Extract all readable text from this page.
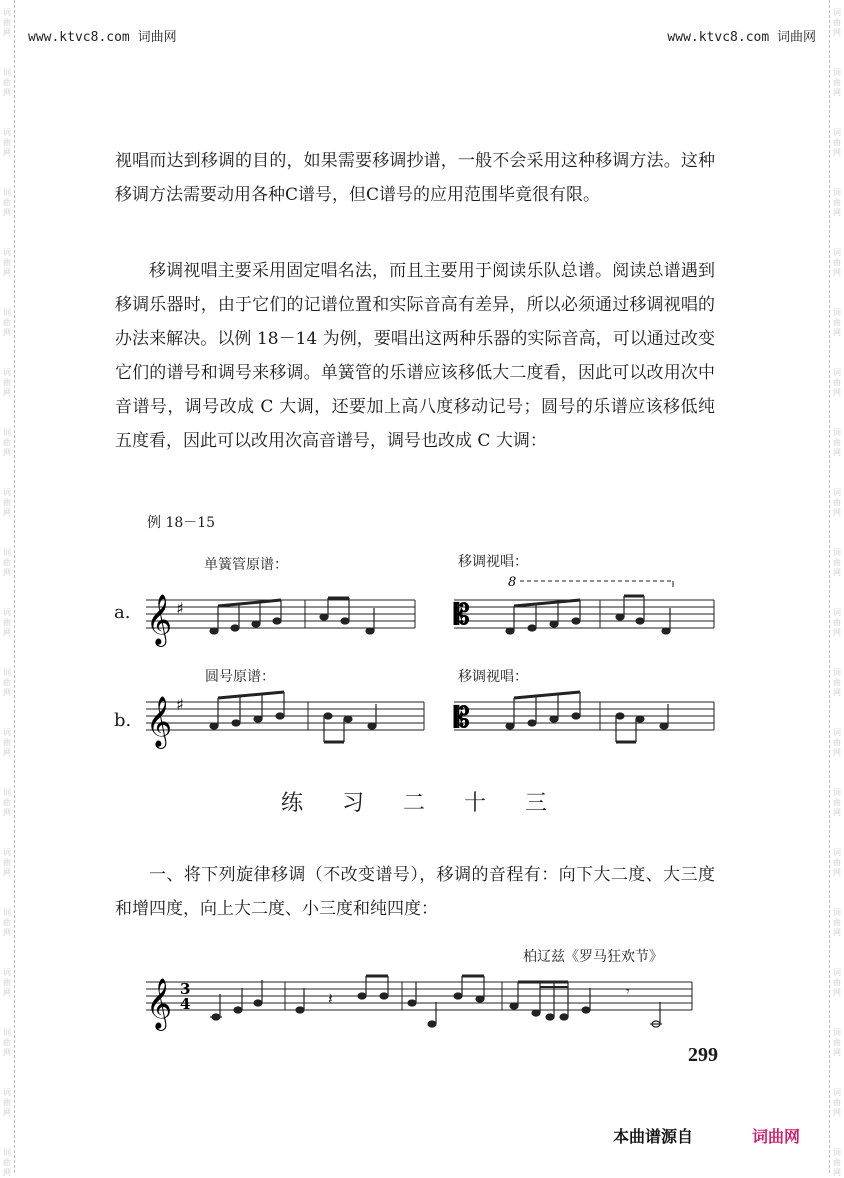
词
曲
网
词
曲
网
词
曲
网
词
曲
网
词
曲
网
词
曲
网
词
曲
网
词
曲
网
词
曲
网
词
曲
网
词
曲
网
词
曲
网
词
曲
网
词
曲
网
词
曲
网
词
曲
网
词
曲
网
词
曲
网
词
曲
网
词
曲
网
词
曲
网
词
曲
网
词
曲
网
词
曲
网
词
曲
网
词
曲
网
词
曲
网
词
曲
网
词
曲
网
词
曲
网
词
曲
网
词
曲
网
词
曲
网
词
曲
网
词
曲
网
词
曲
网
词
曲
网
词
曲
网
词
曲
网
词
曲
网
www.ktvc8.com 词曲网	www.ktvc8.com 词曲网

视唱而达到移调的目的，如果需要移调抄谱，一般不会采用这种移调方法。这种移调方法需要动用各种C谱号，但C谱号的应用范围毕竟很有限。

移调视唱主要采用固定唱名法，而且主要用于阅读乐队总谱。阅读总谱遇到移调乐器时，由于它们的记谱位置和实际音高有差异，所以必须通过移调视唱的办法来解决。以例 18－14 为例，要唱出这两种乐器的实际音高，可以通过改变它们的谱号和调号来移调。单簧管的乐谱应该移低大二度看，因此可以改用次中音谱号，调号改成 C 大调，还要加上高八度移动记号；圆号的乐谱应该移低纯五度看，因此可以改用次高音谱号，调号也改成 C 大调：

例 18－15
单簧管原谱：	移调视唱：
圆号原谱：	移调视唱：
a.
b.
𝄞 ♯
8
𝄡
𝄞 ♯	𝄡
练 习 二 十 三

一、将下列旋律移调（不改变谱号），移调的音程有：向下大二度、大三度和增四度，向上大二度、小三度和纯四度：

柏辽兹《罗马狂欢节》
𝄞 3
4	𝄽	𝄾
299
本曲谱源自	词曲网
